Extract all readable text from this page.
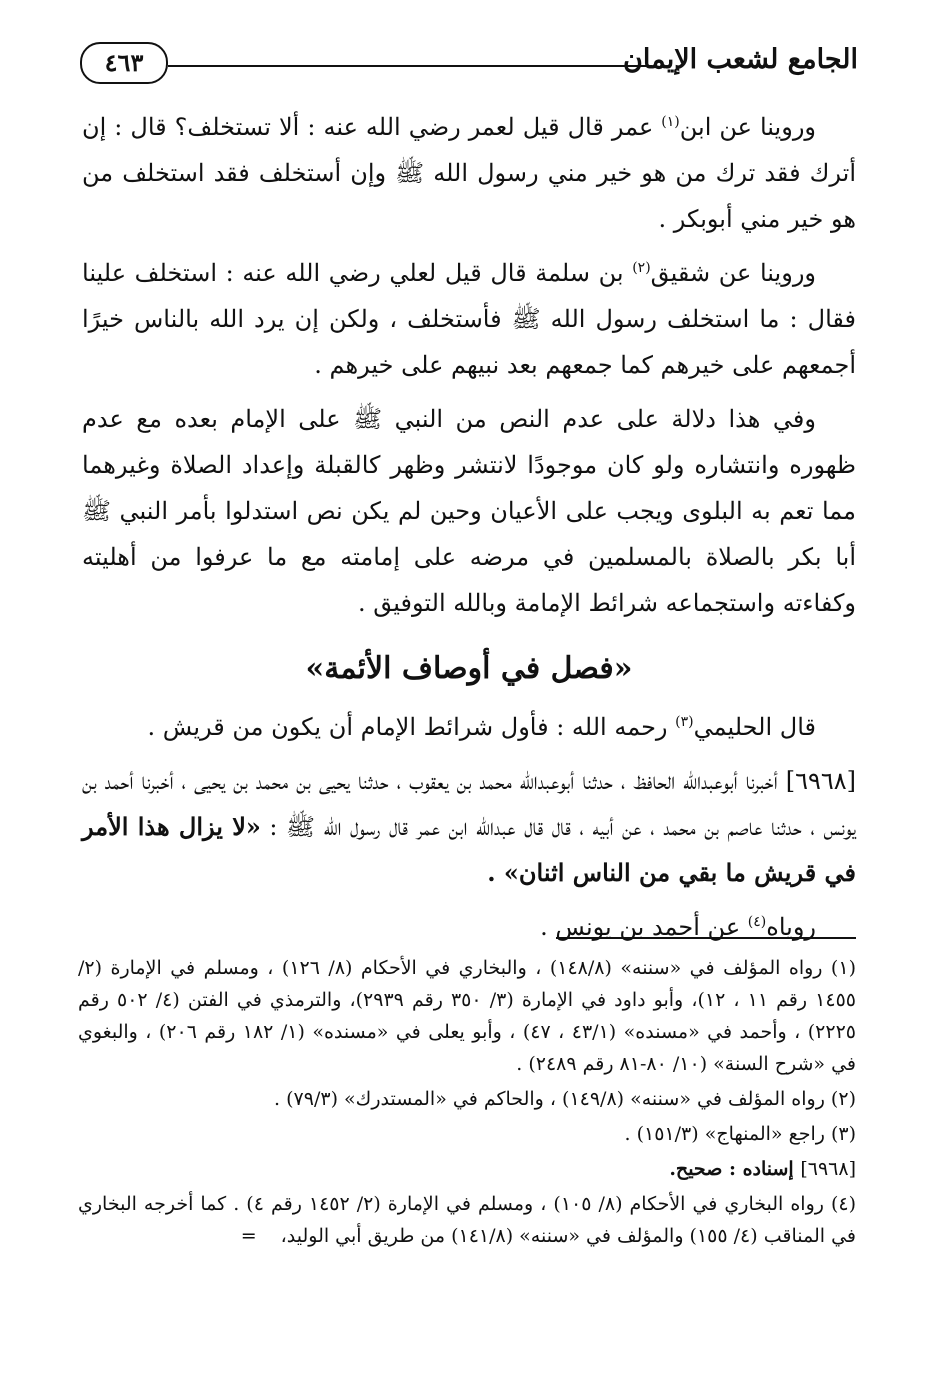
الجامع لشعب الإيمان
٤٦٣

وروينا عن ابن$^{(١)}$ عمر قال قيل لعمر رضي الله عنه : ألا تستخلف؟ قال : إن أترك فقد ترك من هو خير مني رسول الله ﷺ وإن أستخلف فقد استخلف من هو خير مني أبوبكر .

وروينا عن شقيق$^{(٢)}$ بن سلمة قال قيل لعلي رضي الله عنه : استخلف علينا فقال : ما استخلف رسول الله ﷺ فأستخلف ، ولكن إن يرد الله بالناس خيرًا أجمعهم على خيرهم كما جمعهم بعد نبيهم على خيرهم .

وفي هذا دلالة على عدم النص من النبي ﷺ على الإمام بعده مع عدم ظهوره وانتشاره ولو كان موجودًا لانتشر وظهر كالقبلة وإعداد الصلاة وغيرهما مما تعم به البلوى ويجب على الأعيان وحين لم يكن نص استدلوا بأمر النبي ﷺ أبا بكر بالصلاة بالمسلمين في مرضه على إمامته مع ما عرفوا من أهليته وكفاءته واستجماعه شرائط الإمامة وبالله التوفيق .

«فصل في أوصاف الأئمة»

قال الحليمي$^{(٣)}$ رحمه الله : فأول شرائط الإمام أن يكون من قريش .

[٦٩٦٨] أخبرنا أبوعبدالله الحافظ ، حدثنا أبوعبدالله محمد بن يعقوب ، حدثنا يحيى بن محمد بن يحيى ، أخبرنا أحمد بن يونس ، حدثنا عاصم بن محمد ، عن أبيه ، قال قال عبدالله ابن عمر قال رسول الله ﷺ : «لا يزال هذا الأمر في قريش ما بقي من الناس اثنان» .

روياه$^{(٤)}$ عن أحمد بن يونس .

(١) رواه المؤلف في «سننه» (١٤٨/٨) ، والبخاري في الأحكام (٨/ ١٢٦) ، ومسلم في الإمارة (٢/ ١٤٥٥ رقم ١١ ، ١٢)، وأبو داود في الإمارة (٣/ ٣٥٠ رقم ٢٩٣٩)، والترمذي في الفتن (٤/ ٥٠٢ رقم ٢٢٢٥) ، وأحمد في «مسنده» (٤٣/١ ، ٤٧) ، وأبو يعلى في «مسنده» (١/ ١٨٢ رقم ٢٠٦) ، والبغوي في «شرح السنة» (١٠/ ٨٠-٨١ رقم ٢٤٨٩) .

(٢) رواه المؤلف في «سننه» (١٤٩/٨) ، والحاكم في «المستدرك» (٧٩/٣) .

(٣) راجع «المنهاج» (١٥١/٣) .

[٦٩٦٨] إسناده : صحيح.

(٤) رواه البخاري في الأحكام (٨/ ١٠٥) ، ومسلم في الإمارة (٢/ ١٤٥٢ رقم ٤) . كما أخرجه البخاري في المناقب (٤/ ١٥٥) والمؤلف في «سننه» (١٤١/٨) من طريق أبي الوليد،=
